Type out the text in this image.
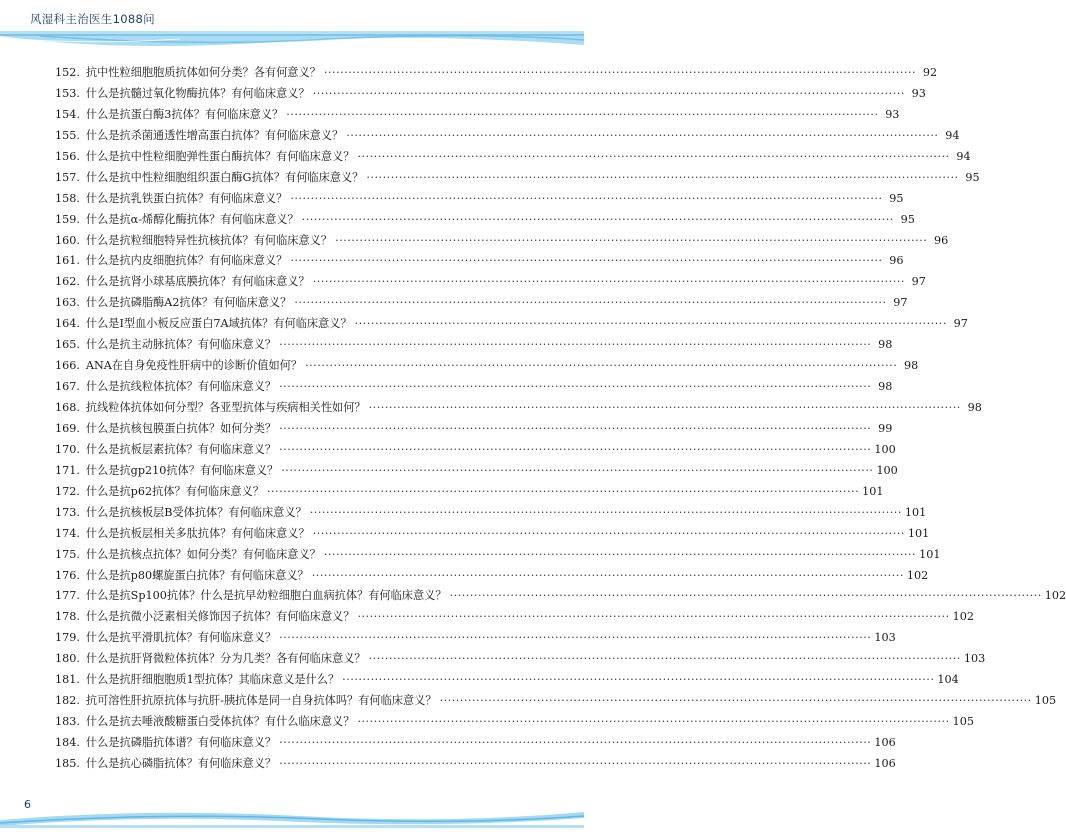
风湿科主治医生1088问
152. 抗中性粒细胞胞质抗体如何分类？各有何意义？ ·····	92
153. 什么是抗髓过氧化物酶抗体？有何临床意义？ ·····	93
154. 什么是抗蛋白酶3抗体？有何临床意义？ ·····	93
155. 什么是抗杀菌通透性增高蛋白抗体？有何临床意义？ ·····	94
156. 什么是抗中性粒细胞弹性蛋白酶抗体？有何临床意义？ ·····	94
157. 什么是抗中性粒细胞组织蛋白酶G抗体？有何临床意义？ ·····	95
158. 什么是抗乳铁蛋白抗体？有何临床意义？ ·····	95
159. 什么是抗α-烯醇化酶抗体？有何临床意义？ ·····	95
160. 什么是抗粒细胞特异性抗核抗体？有何临床意义？ ·····	96
161. 什么是抗内皮细胞抗体？有何临床意义？ ·····	96
162. 什么是抗肾小球基底膜抗体？有何临床意义？ ·····	97
163. 什么是抗磷脂酶A2抗体？有何临床意义？ ·····	97
164. 什么是I型血小板反应蛋白7A域抗体？有何临床意义？ ·····	97
165. 什么是抗主动脉抗体？有何临床意义？ ·····	98
166. ANA在自身免疫性肝病中的诊断价值如何？ ·····	98
167. 什么是抗线粒体抗体？有何临床意义？ ·····	98
168. 抗线粒体抗体如何分型？各亚型抗体与疾病相关性如何？ ·····	98
169. 什么是抗核包膜蛋白抗体？如何分类？ ·····	99
170. 什么是抗板层素抗体？有何临床意义？ ·····	100
171. 什么是抗gp210抗体？有何临床意义？ ·····	100
172. 什么是抗p62抗体？有何临床意义？ ·····	101
173. 什么是抗核板层B受体抗体？有何临床意义？ ·····	101
174. 什么是抗板层相关多肽抗体？有何临床意义？ ·····	101
175. 什么是抗核点抗体？如何分类？有何临床意义？ ·····	101
176. 什么是抗p80螺旋蛋白抗体？有何临床意义？ ·····	102
177. 什么是抗Sp100抗体？什么是抗早幼粒细胞白血病抗体？有何临床意义？ ·····	102
178. 什么是抗微小泛素相关修饰因子抗体？有何临床意义？ ·····	102
179. 什么是抗平滑肌抗体？有何临床意义？ ·····	103
180. 什么是抗肝肾微粒体抗体？分为几类？各有何临床意义？ ·····	103
181. 什么是抗肝细胞胞质1型抗体？其临床意义是什么？ ·····	104
182. 抗可溶性肝抗原抗体与抗肝-胰抗体是同一自身抗体吗？有何临床意义？ ·····	105
183. 什么是抗去唾液酸糖蛋白受体抗体？有什么临床意义？ ·····	105
184. 什么是抗磷脂抗体谱？有何临床意义？ ·····	106
185. 什么是抗心磷脂抗体？有何临床意义？ ·····	106
6
